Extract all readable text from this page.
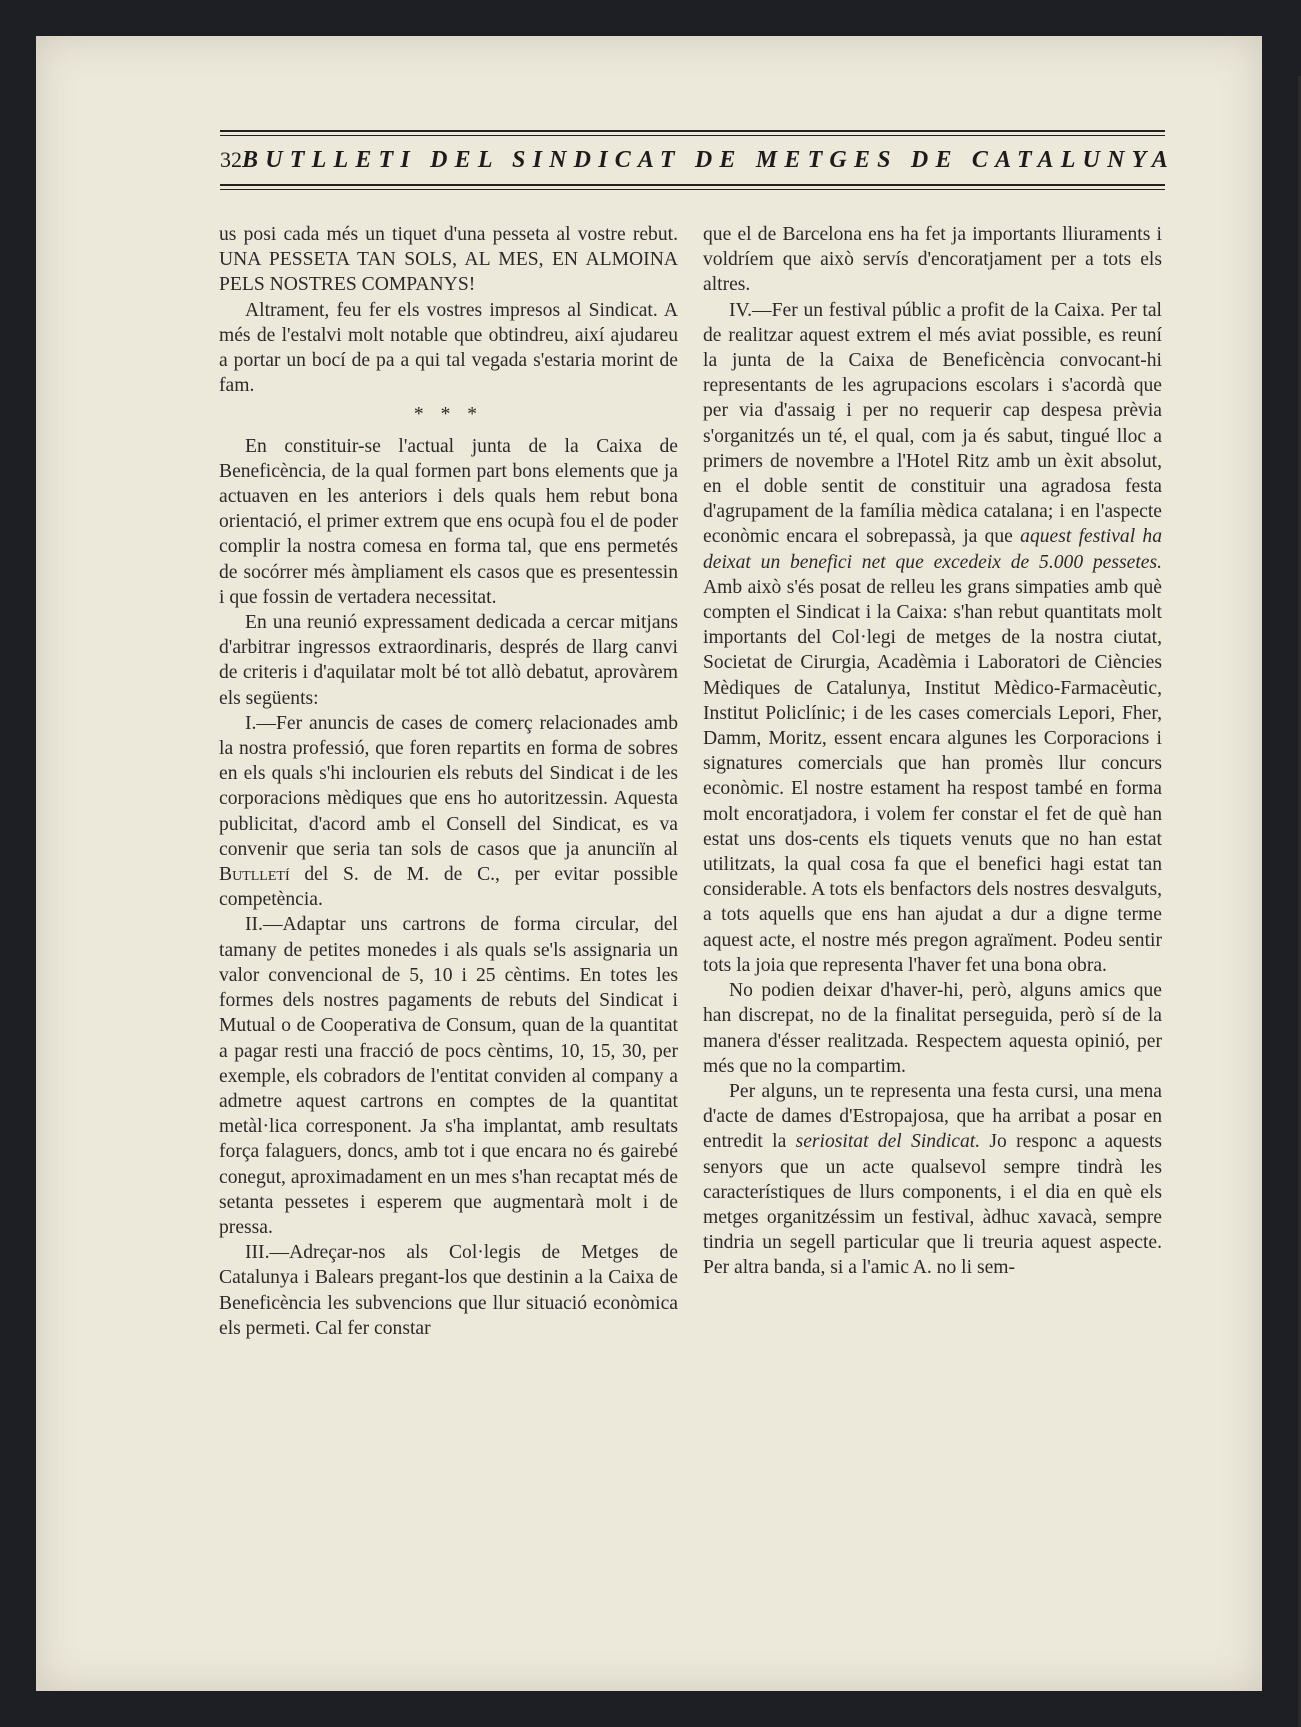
32 BUTLLETI DEL SINDICAT DE METGES DE CATALUNYA

us posi cada més un tiquet d'una pesseta al vostre rebut. UNA PESSETA TAN SOLS, AL MES, EN ALMOINA PELS NOSTRES COMPANYS!

Altrament, feu fer els vostres impresos al Sindicat. A més de l'estalvi molt notable que obtindreu, així ajudareu a portar un bocí de pa a qui tal vegada s'estaria morint de fam.

* * *

En constituir-se l'actual junta de la Caixa de Beneficència, de la qual formen part bons elements que ja actuaven en les anteriors i dels quals hem rebut bona orientació, el primer extrem que ens ocupà fou el de poder complir la nostra comesa en forma tal, que ens permetés de socórrer més àmpliament els casos que es presentessin i que fossin de vertadera necessitat.

En una reunió expressament dedicada a cercar mitjans d'arbitrar ingressos extraordinaris, després de llarg canvi de criteris i d'aquilatar molt bé tot allò debatut, aprovàrem els següents:

I.—Fer anuncis de cases de comerç relacionades amb la nostra professió, que foren repartits en forma de sobres en els quals s'hi inclourien els rebuts del Sindicat i de les corporacions mèdiques que ens ho autoritzessin. Aquesta publicitat, d'acord amb el Consell del Sindicat, es va convenir que seria tan sols de casos que ja anunciïn al Butlletí del S. de M. de C., per evitar possible competència.

II.—Adaptar uns cartrons de forma circular, del tamany de petites monedes i als quals se'ls assignaria un valor convencional de 5, 10 i 25 cèntims. En totes les formes dels nostres pagaments de rebuts del Sindicat i Mutual o de Cooperativa de Consum, quan de la quantitat a pagar resti una fracció de pocs cèntims, 10, 15, 30, per exemple, els cobradors de l'entitat conviden al company a admetre aquest cartrons en comptes de la quantitat metàl·lica corresponent. Ja s'ha implantat, amb resultats força falaguers, doncs, amb tot i que encara no és gairebé conegut, aproximadament en un mes s'han recaptat més de setanta pessetes i esperem que augmentarà molt i de pressa.

III.—Adreçar-nos als Col·legis de Metges de Catalunya i Balears pregant-los que destinin a la Caixa de Beneficència les subvencions que llur situació econòmica els permeti. Cal fer constar

que el de Barcelona ens ha fet ja importants lliuraments i voldríem que això servís d'encoratjament per a tots els altres.

IV.—Fer un festival públic a profit de la Caixa. Per tal de realitzar aquest extrem el més aviat possible, es reuní la junta de la Caixa de Beneficència convocant-hi representants de les agrupacions escolars i s'acordà que per via d'assaig i per no requerir cap despesa prèvia s'organitzés un té, el qual, com ja és sabut, tingué lloc a primers de novembre a l'Hotel Ritz amb un èxit absolut, en el doble sentit de constituir una agradosa festa d'agrupament de la família mèdica catalana; i en l'aspecte econòmic encara el sobrepassà, ja que aquest festival ha deixat un benefici net que excedeix de 5.000 pessetes. Amb això s'és posat de relleu les grans simpaties amb què compten el Sindicat i la Caixa: s'han rebut quantitats molt importants del Col·legi de metges de la nostra ciutat, Societat de Cirurgia, Acadèmia i Laboratori de Ciències Mèdiques de Catalunya, Institut Mèdico-Farmacèutic, Institut Policlínic; i de les cases comercials Lepori, Fher, Damm, Moritz, essent encara algunes les Corporacions i signatures comercials que han promès llur concurs econòmic. El nostre estament ha respost també en forma molt encoratjadora, i volem fer constar el fet de què han estat uns dos-cents els tiquets venuts que no han estat utilitzats, la qual cosa fa que el benefici hagi estat tan considerable. A tots els benfactors dels nostres desvalguts, a tots aquells que ens han ajudat a dur a digne terme aquest acte, el nostre més pregon agraïment. Podeu sentir tots la joia que representa l'haver fet una bona obra.

No podien deixar d'haver-hi, però, alguns amics que han discrepat, no de la finalitat perseguida, però sí de la manera d'ésser realitzada. Respectem aquesta opinió, per més que no la compartim.

Per alguns, un te representa una festa cursi, una mena d'acte de dames d'Estropajosa, que ha arribat a posar en entredit la seriositat del Sindicat. Jo responc a aquests senyors que un acte qualsevol sempre tindrà les característiques de llurs components, i el dia en què els metges organitzéssim un festival, àdhuc xavacà, sempre tindria un segell particular que li treuria aquest aspecte. Per altra banda, si a l'amic A. no li sem-
